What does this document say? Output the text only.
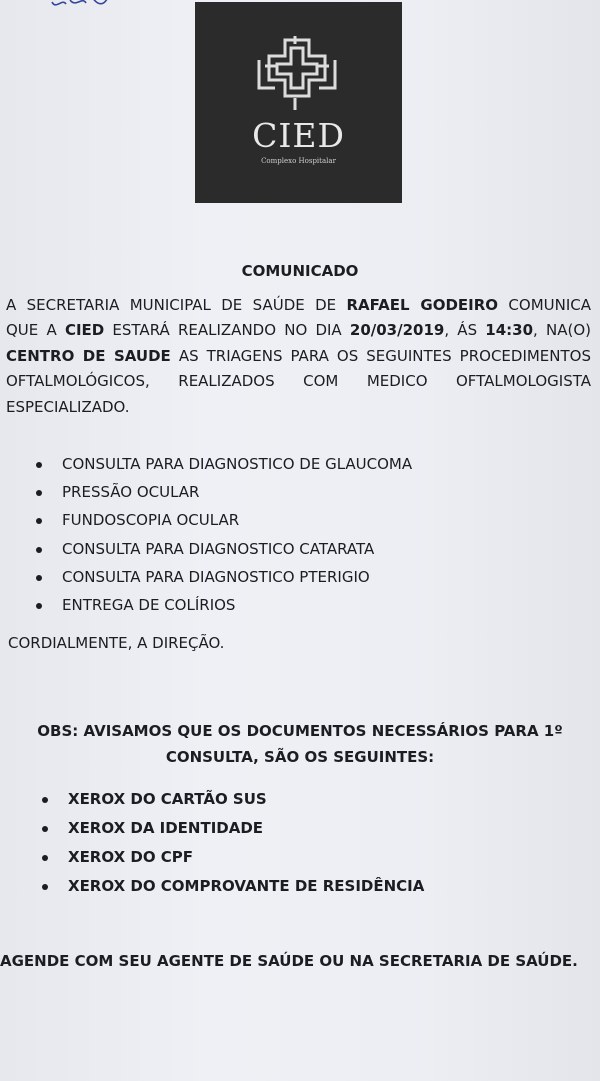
CIED
Complexo Hospitalar
COMUNICADO
A SECRETARIA MUNICIPAL DE SAÚDE DE RAFAEL GODEIRO COMUNICA
QUE A CIED ESTARÁ REALIZANDO NO DIA 20/03/2019, ÁS 14:30, NA(O)
CENTRO DE SAUDE AS TRIAGENS PARA OS SEGUINTES PROCEDIMENTOS
OFTALMOLÓGICOS, REALIZADOS COM MEDICO OFTALMOLOGISTA
ESPECIALIZADO.
CONSULTA PARA DIAGNOSTICO DE GLAUCOMA
PRESSÃO OCULAR
FUNDOSCOPIA OCULAR
CONSULTA PARA DIAGNOSTICO CATARATA
CONSULTA PARA DIAGNOSTICO PTERIGIO
ENTREGA DE COLÍRIOS
CORDIALMENTE, A DIREÇÃO.
OBS: AVISAMOS QUE OS DOCUMENTOS NECESSÁRIOS PARA 1º
CONSULTA, SÃO OS SEGUINTES:
XEROX DO CARTÃO SUS
XEROX DA IDENTIDADE
XEROX DO CPF
XEROX DO COMPROVANTE DE RESIDÊNCIA
AGENDE COM SEU AGENTE DE SAÚDE OU NA SECRETARIA DE SAÚDE.
